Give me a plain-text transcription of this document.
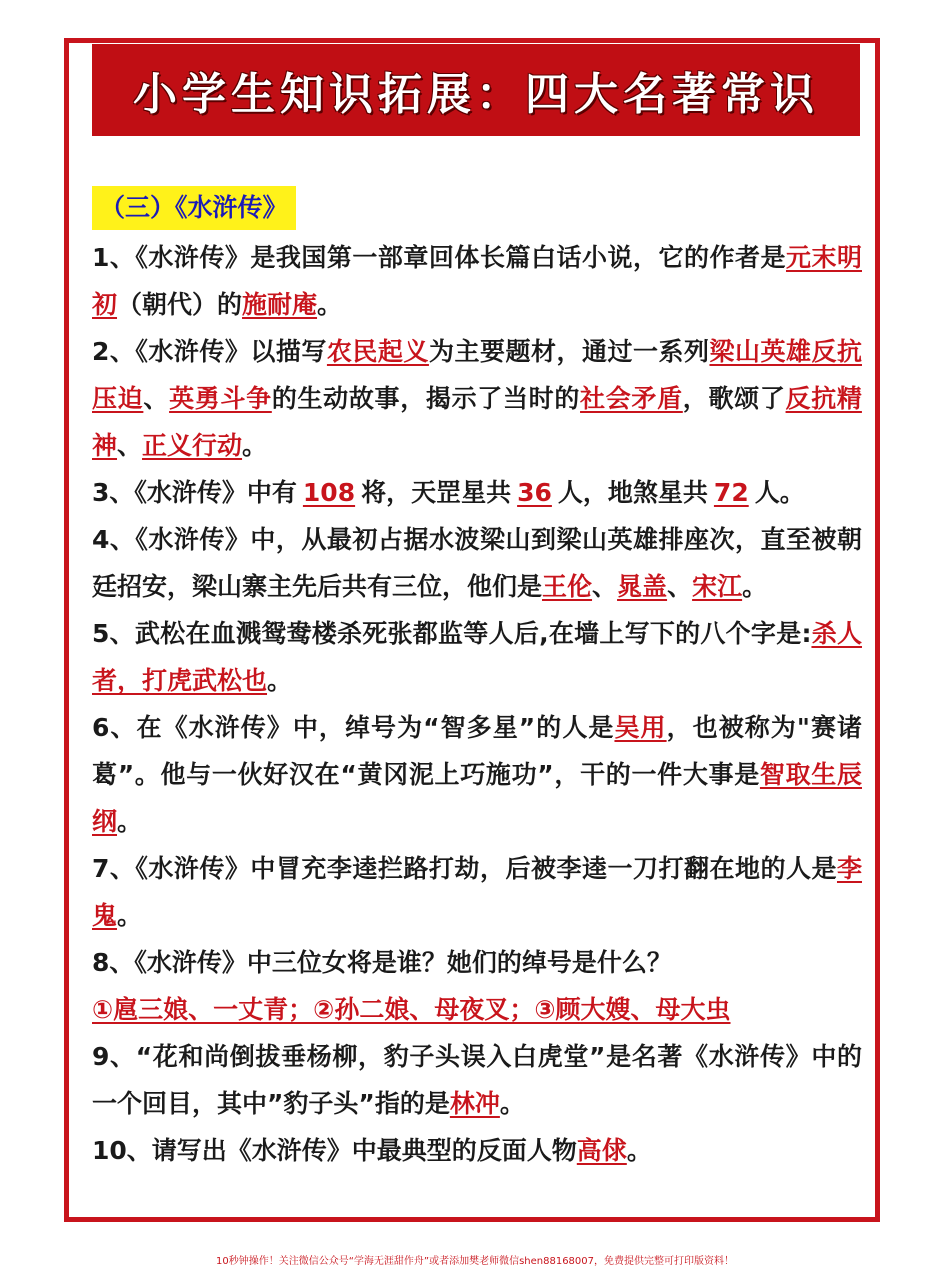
小学生知识拓展：四大名著常识
（三）《水浒传》

1、《水浒传》是我国第一部章回体长篇白话小说，它的作者是元末明初（朝代）的施耐庵。

2、《水浒传》以描写农民起义为主要题材，通过一系列梁山英雄反抗压迫、英勇斗争的生动故事，揭示了当时的社会矛盾，歌颂了反抗精神、正义行动。

3、《水浒传》中有 108 将，天罡星共 36 人，地煞星共 72 人。

4、《水浒传》中，从最初占据水波梁山到梁山英雄排座次，直至被朝廷招安，梁山寨主先后共有三位，他们是王伦、晁盖、宋江。

5、武松在血溅鸳鸯楼杀死张都监等人后,在墙上写下的八个字是:杀人者，打虎武松也。

6、在《水浒传》中，绰号为“智多星”的人是吴用，也被称为"赛诸葛”。他与一伙好汉在“黄冈泥上巧施功”，干的一件大事是智取生辰纲。

7、《水浒传》中冒充李逵拦路打劫，后被李逵一刀打翻在地的人是李鬼。

8、《水浒传》中三位女将是谁？她们的绰号是什么？

①扈三娘、一丈青；②孙二娘、母夜叉；③顾大嫂、母大虫

9、“花和尚倒拔垂杨柳，豹子头误入白虎堂”是名著《水浒传》中的一个回目，其中”豹子头”指的是林冲。

10、请写出《水浒传》中最典型的反面人物高俅。

10秒钟操作！关注微信公众号“学海无涯甜作舟”或者添加樊老师微信shen88168007，免费提供完整可打印版资料！
